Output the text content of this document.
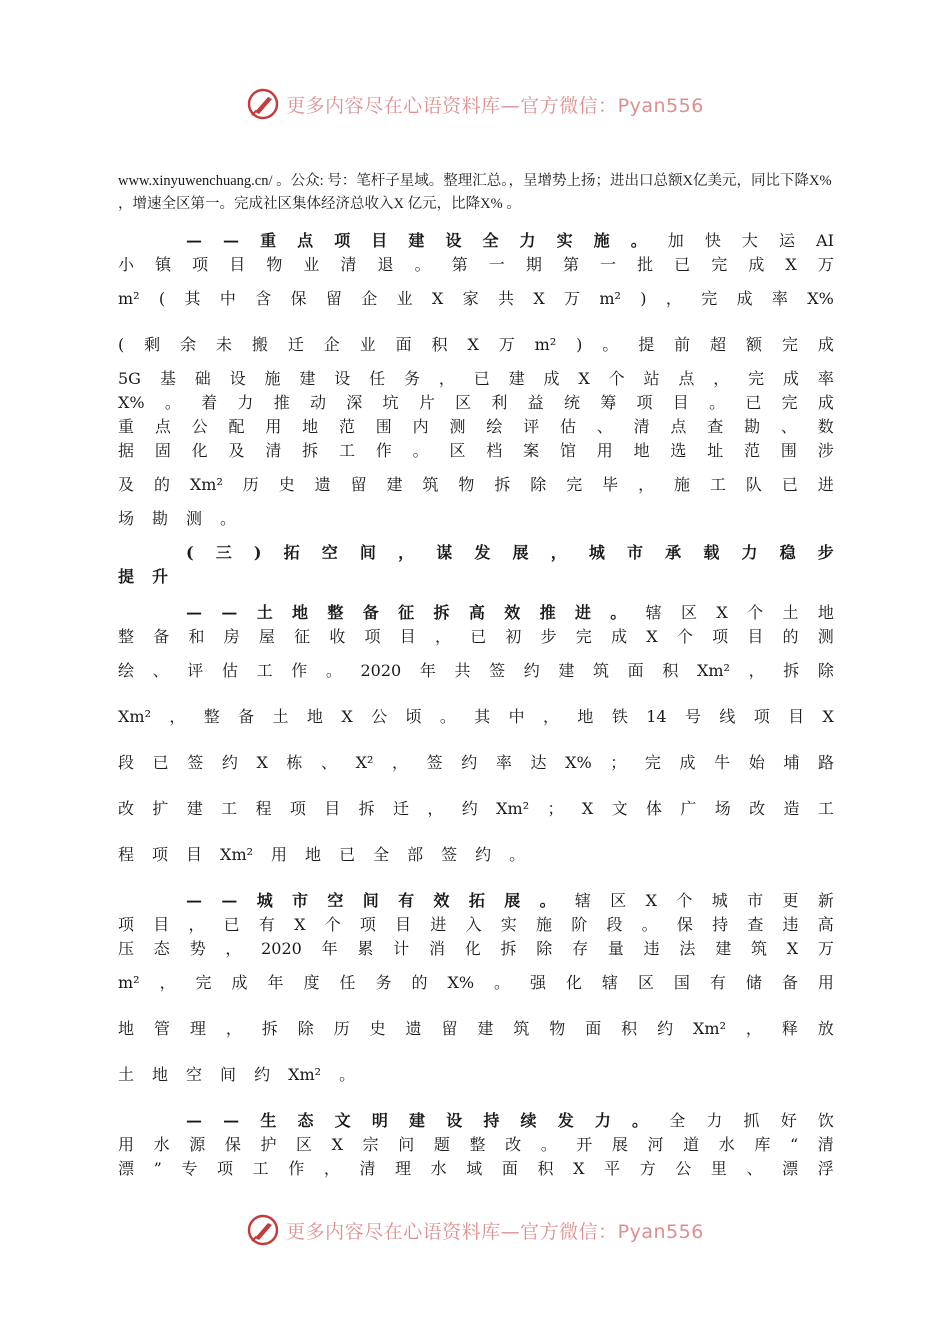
更多内容尽在心语资料库—官方微信：Pyan556

www.xinyuwenchuang.cn/ 。公众: 号：笔杆子星域。整理汇总。，呈增势上扬；进出口总额X亿美元，同比下降X% ，增速全区第一。完成社区集体经济总收入X 亿元，比降X% 。

— — 重 点 项 目 建 设 全 力 实 施 。 加 快 大 运 AI
小 镇 项 目 物 业 清 退 。 第 一 期 第 一 批 已 完 成 X 万
m² ( 其 中 含 保 留 企 业 X 家 共 X 万 m² ) ， 完 成 率 X%
( 剩 余 未 搬 迁 企 业 面 积 X 万 m² ) 。 提 前 超 额 完 成
5G 基 础 设 施 建 设 任 务 ， 已 建 成 X 个 站 点 ， 完 成 率
X% 。 着 力 推 动 深 坑 片 区 利 益 统 筹 项 目 。 已 完 成
重 点 公 配 用 地 范 围 内 测 绘 评 估 、 清 点 查 勘 、 数
据 固 化 及 清 拆 工 作 。 区 档 案 馆 用 地 选 址 范 围 涉
及 的 Xm² 历 史 遗 留 建 筑 物 拆 除 完 毕 ， 施 工 队 已 进
场 勘 测 。
( 三 ) 拓 空 间 ， 谋 发 展 ， 城 市 承 载 力 稳 步
提 升
— — 土 地 整 备 征 拆 高 效 推 进 。 辖 区 X 个 土 地
整 备 和 房 屋 征 收 项 目 ， 已 初 步 完 成 X 个 项 目 的 测
绘 、 评 估 工 作 。 2020 年 共 签 约 建 筑 面 积 Xm² ， 拆 除
Xm² ， 整 备 土 地 X 公 顷 。 其 中 ， 地 铁 14 号 线 项 目 X
段 已 签 约 X 栋 、 X² ， 签 约 率 达 X% ； 完 成 牛 始 埔 路
改 扩 建 工 程 项 目 拆 迁 ， 约 Xm² ； X 文 体 广 场 改 造 工
程 项 目 Xm² 用 地 已 全 部 签 约 。
— — 城 市 空 间 有 效 拓 展 。 辖 区 X 个 城 市 更 新
项 目 ， 已 有 X 个 项 目 进 入 实 施 阶 段 。 保 持 查 违 高
压 态 势 ， 2020 年 累 计 消 化 拆 除 存 量 违 法 建 筑 X 万
m² ， 完 成 年 度 任 务 的 X% 。 强 化 辖 区 国 有 储 备 用
地 管 理 ， 拆 除 历 史 遗 留 建 筑 物 面 积 约 Xm² ， 释 放
土 地 空 间 约 Xm² 。
— — 生 态 文 明 建 设 持 续 发 力 。 全 力 抓 好 饮
用 水 源 保 护 区 X 宗 问 题 整 改 。 开 展 河 道 水 库 “ 清
漂 ” 专 项 工 作 ， 清 理 水 域 面 积 X 平 方 公 里 、 漂 浮
更多内容尽在心语资料库—官方微信：Pyan556
